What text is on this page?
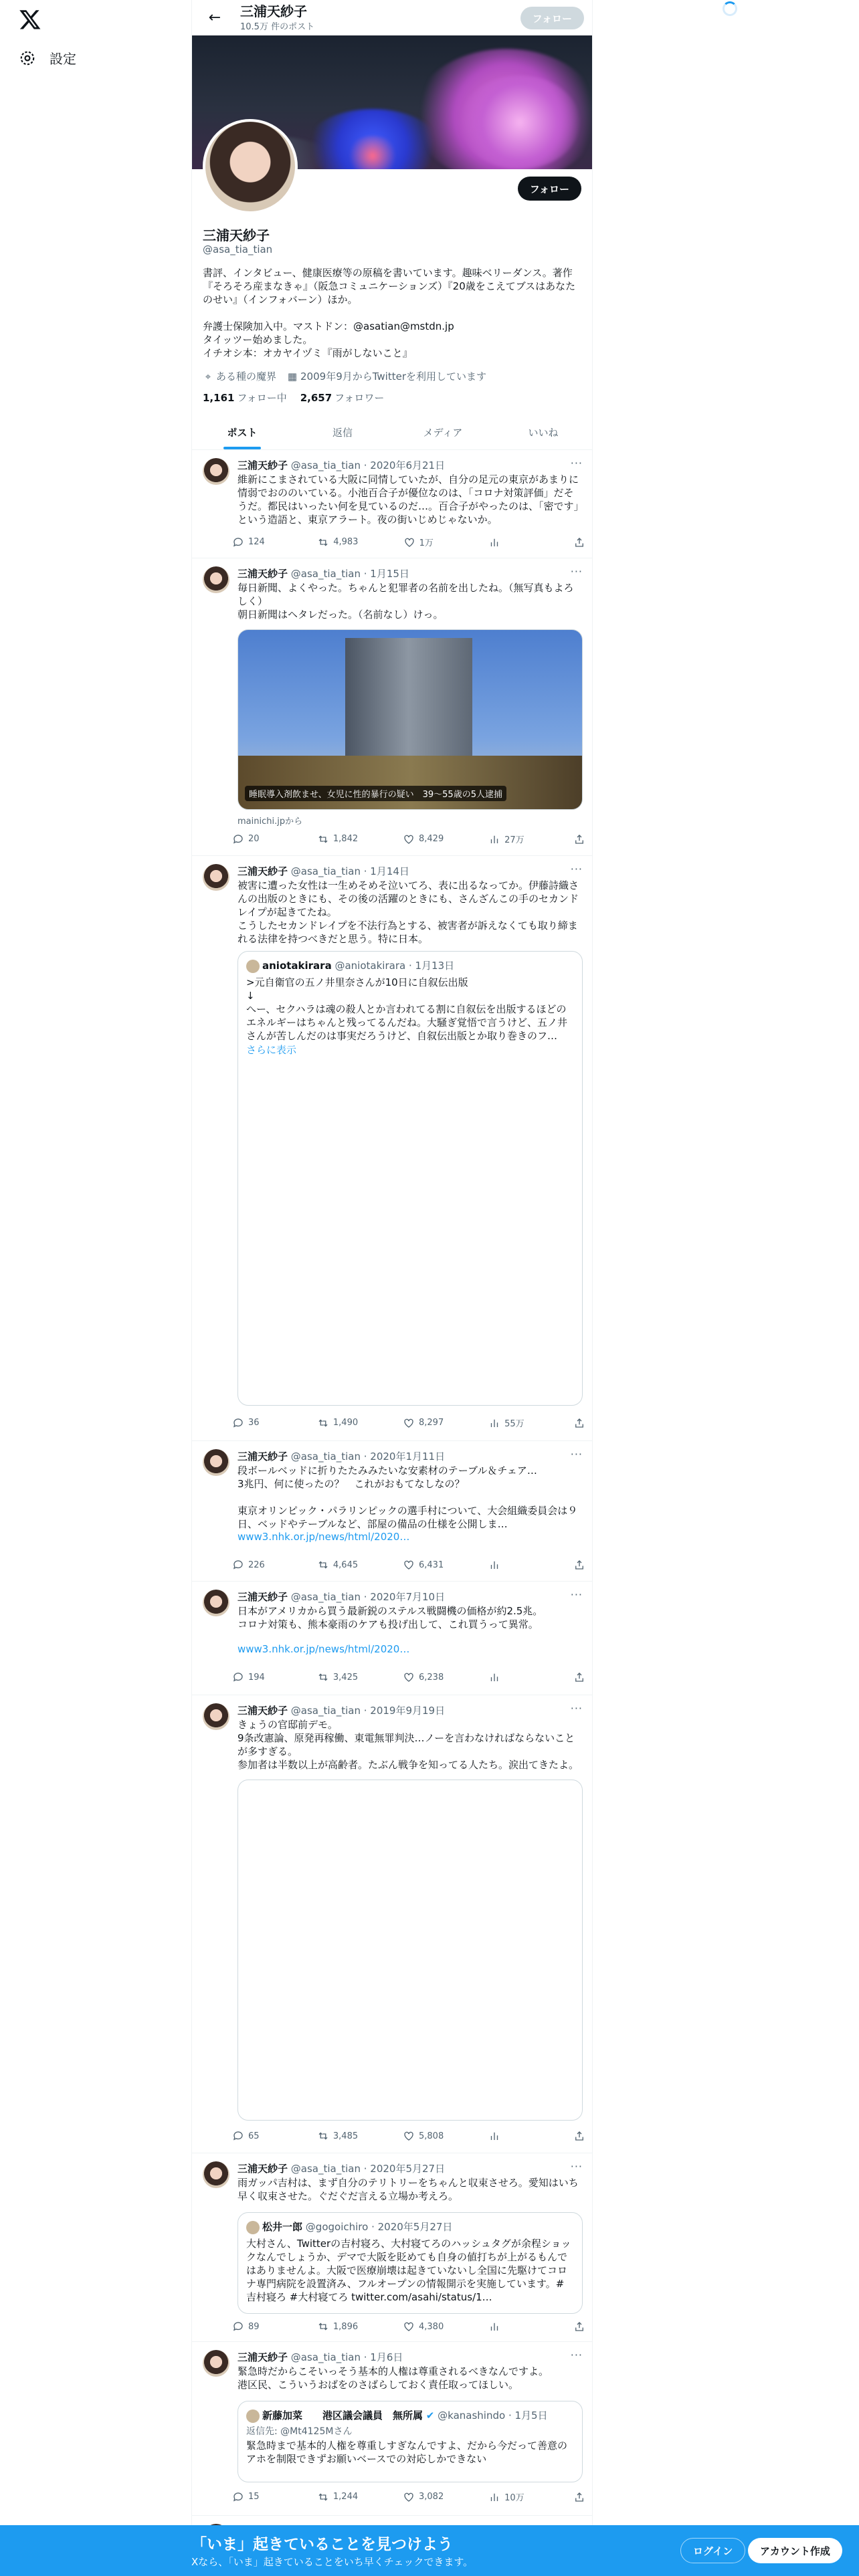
設定
←	三浦天紗子
10.5万 件のポスト
フォロー
フォロー
三浦天紗子
@asa_tia_tian
書評、インタビュー、健康医療等の原稿を書いています。趣味ベリーダンス。著作『そろそろ産まなきゃ』（阪急コミュニケーションズ）『20歳をこえてブスはあなたのせい』（インフォバーン）ほか。

弁護士保険加入中。マストドン：@asatian@mstdn.jp
タイッツー始めました。
イチオシ本：オカヤイヅミ『雨がしないこと』
⌖ ある種の魔界 ▦ 2009年9月からTwitterを利用しています
1,161 フォロー中 2,657 フォロワー
ポスト	返信	メディア	いいね
三浦天紗子 @asa_tia_tian · 2020年6月21日	···
維新にこまされている大阪に同情していたが、自分の足元の東京があまりに情弱でおののいている。小池百合子が優位なのは、「コロナ対策評価」だそうだ。都民はいったい何を見ているのだ…。百合子がやったのは、「密です」という造語と、東京アラート。夜の街いじめじゃないか。
124	4,983	1万
三浦天紗子 @asa_tia_tian · 1月15日	···
毎日新聞、よくやった。ちゃんと犯罪者の名前を出したね。（無写真もよろしく）
朝日新聞はヘタレだった。（名前なし）けっ。
睡眠導入剤飲ませ、女児に性的暴行の疑い　39〜55歳の5人逮捕
mainichi.jpから
20	1,842	8,429	27万
三浦天紗子 @asa_tia_tian · 1月14日	···
被害に遭った女性は一生めそめそ泣いてろ、表に出るなってか。伊藤詩織さんの出版のときにも、その後の活躍のときにも、さんざんこの手のセカンドレイプが起きてたね。
こうしたセカンドレイプを不法行為とする、被害者が訴えなくても取り締まれる法律を持つべきだと思う。特に日本。
aniotakirara @aniotakirara · 1月13日
>元自衛官の五ノ井里奈さんが10日に自叙伝出版
↓
へー、セクハラは魂の殺人とか言われてる割に自叙伝を出版するほどのエネルギーはちゃんと残ってるんだね。大騒ぎ覚悟で言うけど、五ノ井さんが苦しんだのは事実だろうけど、自叙伝出版とか取り巻きのフ…
さらに表示
36	1,490	8,297	55万
三浦天紗子 @asa_tia_tian · 2020年1月11日	···
段ボールベッドに折りたたみみたいな安素材のテーブル＆チェア…
3兆円、何に使ったの？　これがおもてなしなの？

東京オリンピック・パラリンピックの選手村について、大会組織委員会は９日、ベッドやテーブルなど、部屋の備品の仕様を公開しま…
www3.nhk.or.jp/news/html/2020…
226	4,645	6,431
三浦天紗子 @asa_tia_tian · 2020年7月10日	···
日本がアメリカから買う最新鋭のステルス戦闘機の価格が約2.5兆。
コロナ対策も、熊本豪雨のケアも投げ出して、これ買うって異常。
www3.nhk.or.jp/news/html/2020…
194	3,425	6,238
三浦天紗子 @asa_tia_tian · 2019年9月19日	···
きょうの官邸前デモ。
9条改憲論、原発再稼働、東電無罪判決…ノーを言わなければならないことが多すぎる。
参加者は半数以上が高齢者。たぶん戦争を知ってる人たち。涙出てきたよ。
65	3,485	5,808
三浦天紗子 @asa_tia_tian · 2020年5月27日	···
雨ガッパ吉村は、まず自分のテリトリーをちゃんと収束させろ。愛知はいち早く収束させた。ぐだぐだ言える立場か考えろ。
松井一郎 @gogoichiro · 2020年5月27日
大村さん、Twitterの吉村寝ろ、大村寝てろのハッシュタグが余程ショックなんでしょうか、デマで大阪を貶めても自身の値打ちが上がるもんではありませんよ。大阪で医療崩壊は起きていないし全国に先駆けてコロナ専門病院を設置済み、フルオープンの情報開示を実施しています。#吉村寝ろ #大村寝てろ twitter.com/asahi/status/1…
89	1,896	4,380
三浦天紗子 @asa_tia_tian · 1月6日	···
緊急時だからこそいっそう基本的人権は尊重されるべきなんですよ。
港区民、こういうおばをのさばらしておく責任取ってほしい。
新藤加菜　　港区議会議員　無所属 ✔ @kanashindo · 1月5日
返信先: @Mt4125Mさん
緊急時まで基本的人権を尊重しすぎなんですよ、だから今だって善意のアホを制限できずお願いベースでの対応しかできない
15	1,244	3,082	10万
「いま」起きていることを見つけよう
Xなら、「いま」起きていることをいち早くチェックできます。
ログイン	アカウント作成
